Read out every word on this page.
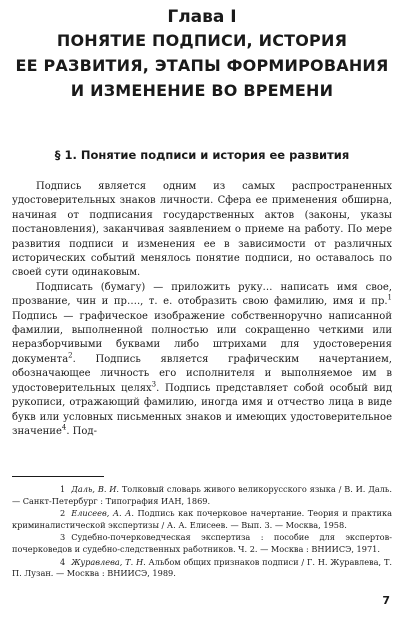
Глава I
ПОНЯТИЕ ПОДПИСИ, ИСТОРИЯ
ЕЕ РАЗВИТИЯ, ЭТАПЫ ФОРМИРОВАНИЯ
И ИЗМЕНЕНИЕ ВО ВРЕМЕНИ
§ 1. Понятие подписи и история ее развития

Подпись является одним из самых распространенных удостоверительных знаков личности. Сфера ее применения обширна, начиная от подписания государственных актов (законы, указы постановления), заканчивая заявлением о приеме на работу. По мере развития подписи и изменения ее в зависимости от различных исторических событий менялось понятие подписи, но оставалось по своей сути одинаковым.

Подписать (бумагу) — приложить руку… написать имя свое, прозвание, чин и пр…., т. е. отобразить свою фамилию, имя и пр.$^1$ Подпись — графическое изображение собственноручно написанной фамилии, выполненной полностью или сокращенно четкими или неразборчивыми буквами либо штрихами для удостоверения документа$^2$. Подпись является графическим начертанием, обозначающее личность его исполнителя и выполняемое им в удостоверительных целях$^3$. Подпись представляет собой особый вид рукописи, отражающий фамилию, иногда имя и отчество лица в виде букв или условных письменных знаков и имеющих удостоверительное значение$^4$. Под-

1 Даль, В. И. Толковый словарь живого великорусского языка / В. И. Даль. — Санкт-Петербург : Типография ИАН, 1869.

2 Елисеев, А. А. Подпись как почерковое начертание. Теория и практика криминалистической экспертизы / А. А. Елисеев. — Вып. 3. — Москва, 1958.

3 Судебно-почерковедческая экспертиза : пособие для экспертов-почерковедов и судебно-следственных работников. Ч. 2. — Москва : ВНИИСЭ, 1971.

4 Журавлева, Т. Н. Альбом общих признаков подписи / Г. Н. Журавлева, Т. П. Лузан. — Москва : ВНИИСЭ, 1989.

7
